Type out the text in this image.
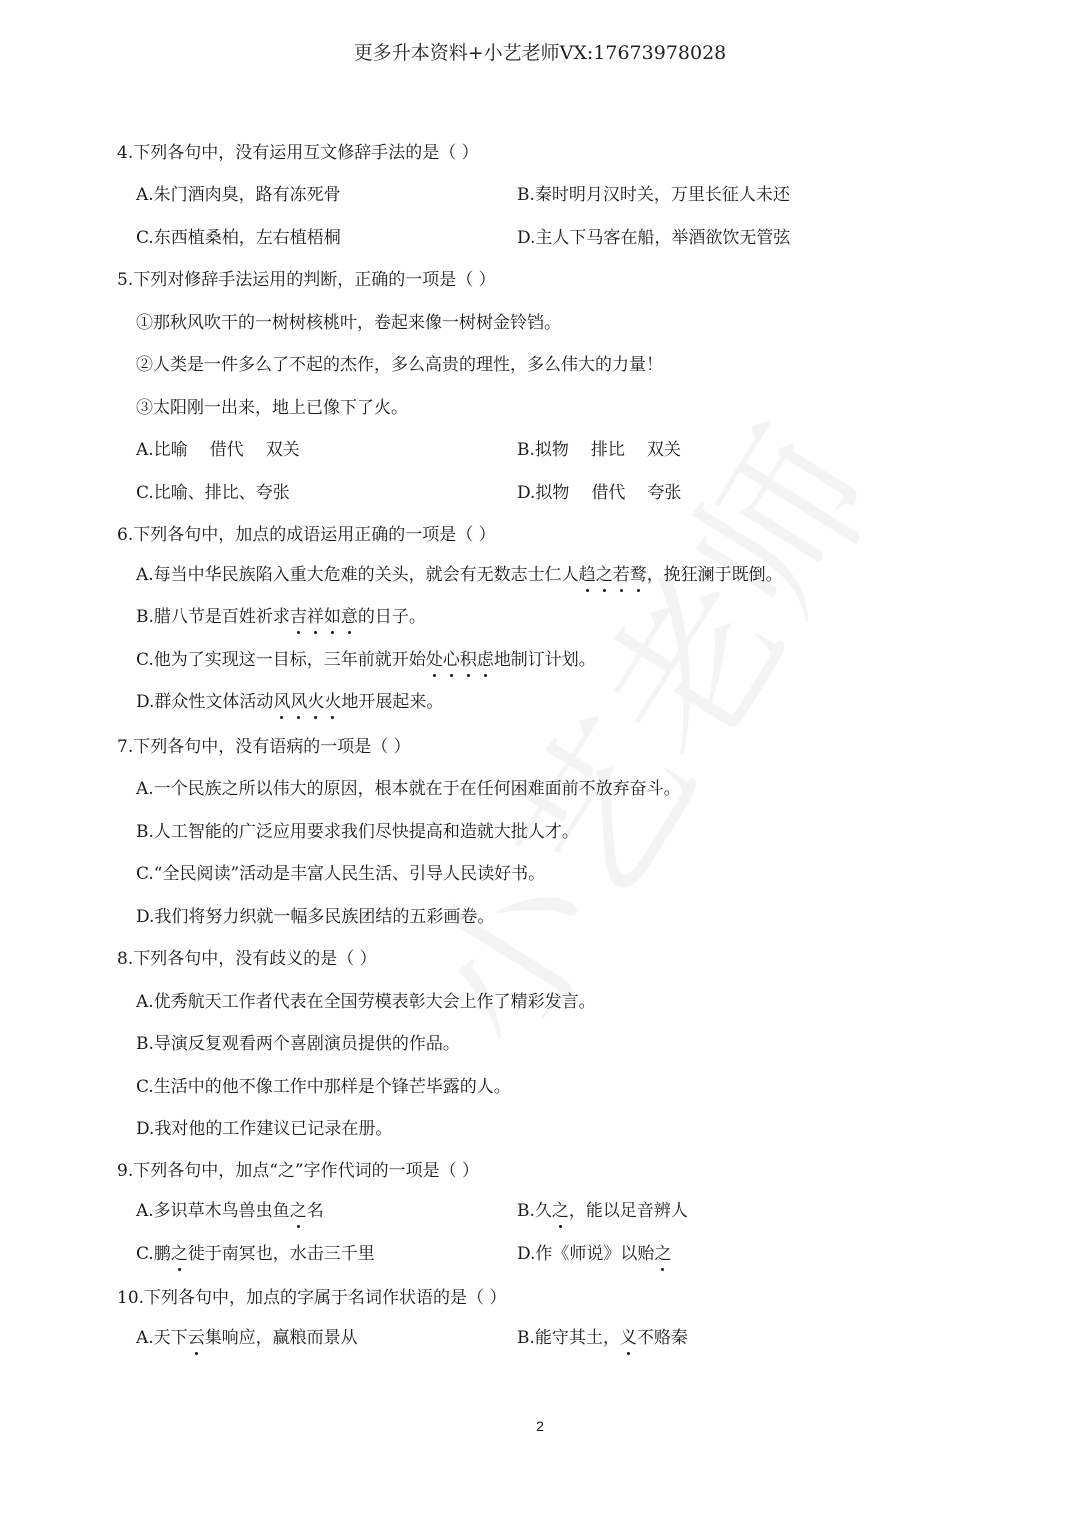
更多升本资料+小艺老师VX:17673978028
4.下列各句中，没有运用互文修辞手法的是（ ）
A.朱门酒肉臭，路有冻死骨	B.秦时明月汉时关，万里长征人未还
C.东西植桑柏，左右植梧桐	D.主人下马客在船，举酒欲饮无管弦
5.下列对修辞手法运用的判断，正确的一项是（ ）
①那秋风吹干的一树树核桃叶，卷起来像一树树金铃铛。
②人类是一件多么了不起的杰作，多么高贵的理性，多么伟大的力量！
③太阳刚一出来，地上已像下了火。
A.比喻 借代 双关	B.拟物 排比 双关
C.比喻、排比、夸张	D.拟物 借代 夸张
6.下列各句中，加点的成语运用正确的一项是（ ）
A.每当中华民族陷入重大危难的关头，就会有无数志士仁人趋之若鹜，挽狂澜于既倒。
B.腊八节是百姓祈求吉祥如意的日子。
C.他为了实现这一目标，三年前就开始处心积虑地制订计划。
D.群众性文体活动风风火火地开展起来。
7.下列各句中，没有语病的一项是（ ）
A.一个民族之所以伟大的原因，根本就在于在任何困难面前不放弃奋斗。
B.人工智能的广泛应用要求我们尽快提高和造就大批人才。
C.“全民阅读”活动是丰富人民生活、引导人民读好书。
D.我们将努力织就一幅多民族团结的五彩画卷。
8.下列各句中，没有歧义的是（ ）
A.优秀航天工作者代表在全国劳模表彰大会上作了精彩发言。
B.导演反复观看两个喜剧演员提供的作品。
C.生活中的他不像工作中那样是个锋芒毕露的人。
D.我对他的工作建议已记录在册。
9.下列各句中，加点“之”字作代词的一项是（ ）
A.多识草木鸟兽虫鱼之名	B.久之，能以足音辨人
C.鹏之徙于南冥也，水击三千里	D.作《师说》以贻之
10.下列各句中，加点的字属于名词作状语的是（ ）
A.天下云集响应，赢粮而景从	B.能守其土，义不赂秦
2
